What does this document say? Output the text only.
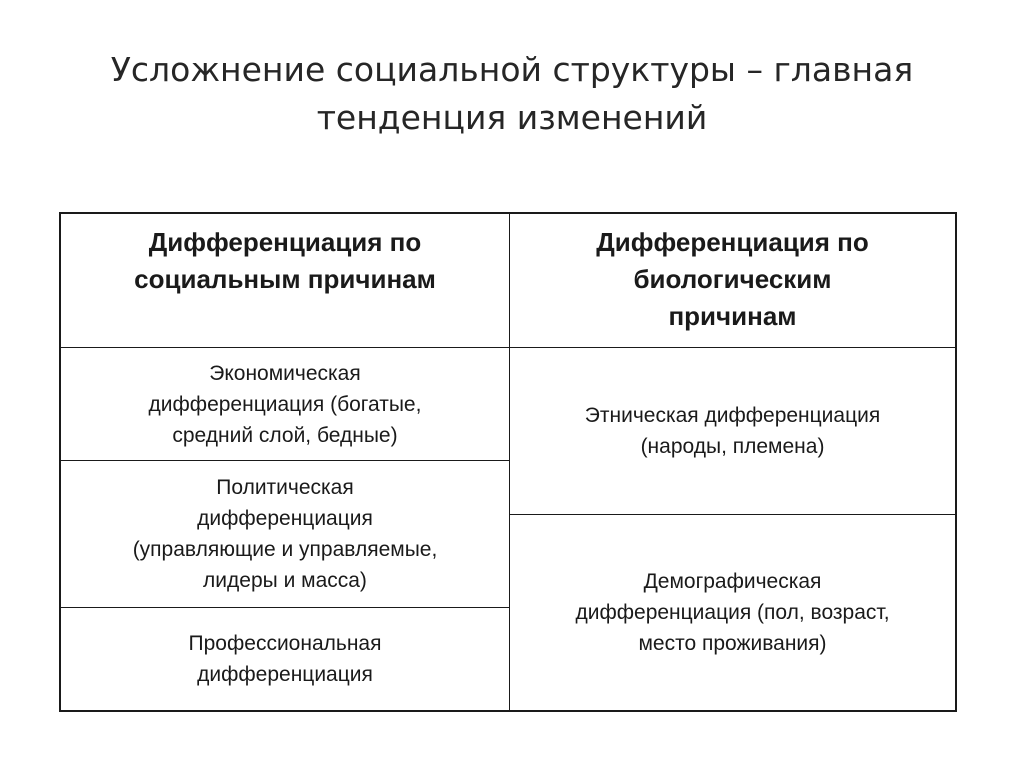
Усложнение социальной структуры – главная
тенденция изменений
Дифференциация по
социальным причинам
Дифференциация по
биологическим
причинам
Экономическая
дифференциация (богатые,
средний слой, бедные)
Политическая
дифференциация
(управляющие и управляемые,
лидеры и масса)
Профессиональная
дифференциация
Этническая дифференциация
(народы, племена)
Демографическая
дифференциация (пол, возраст,
место проживания)
